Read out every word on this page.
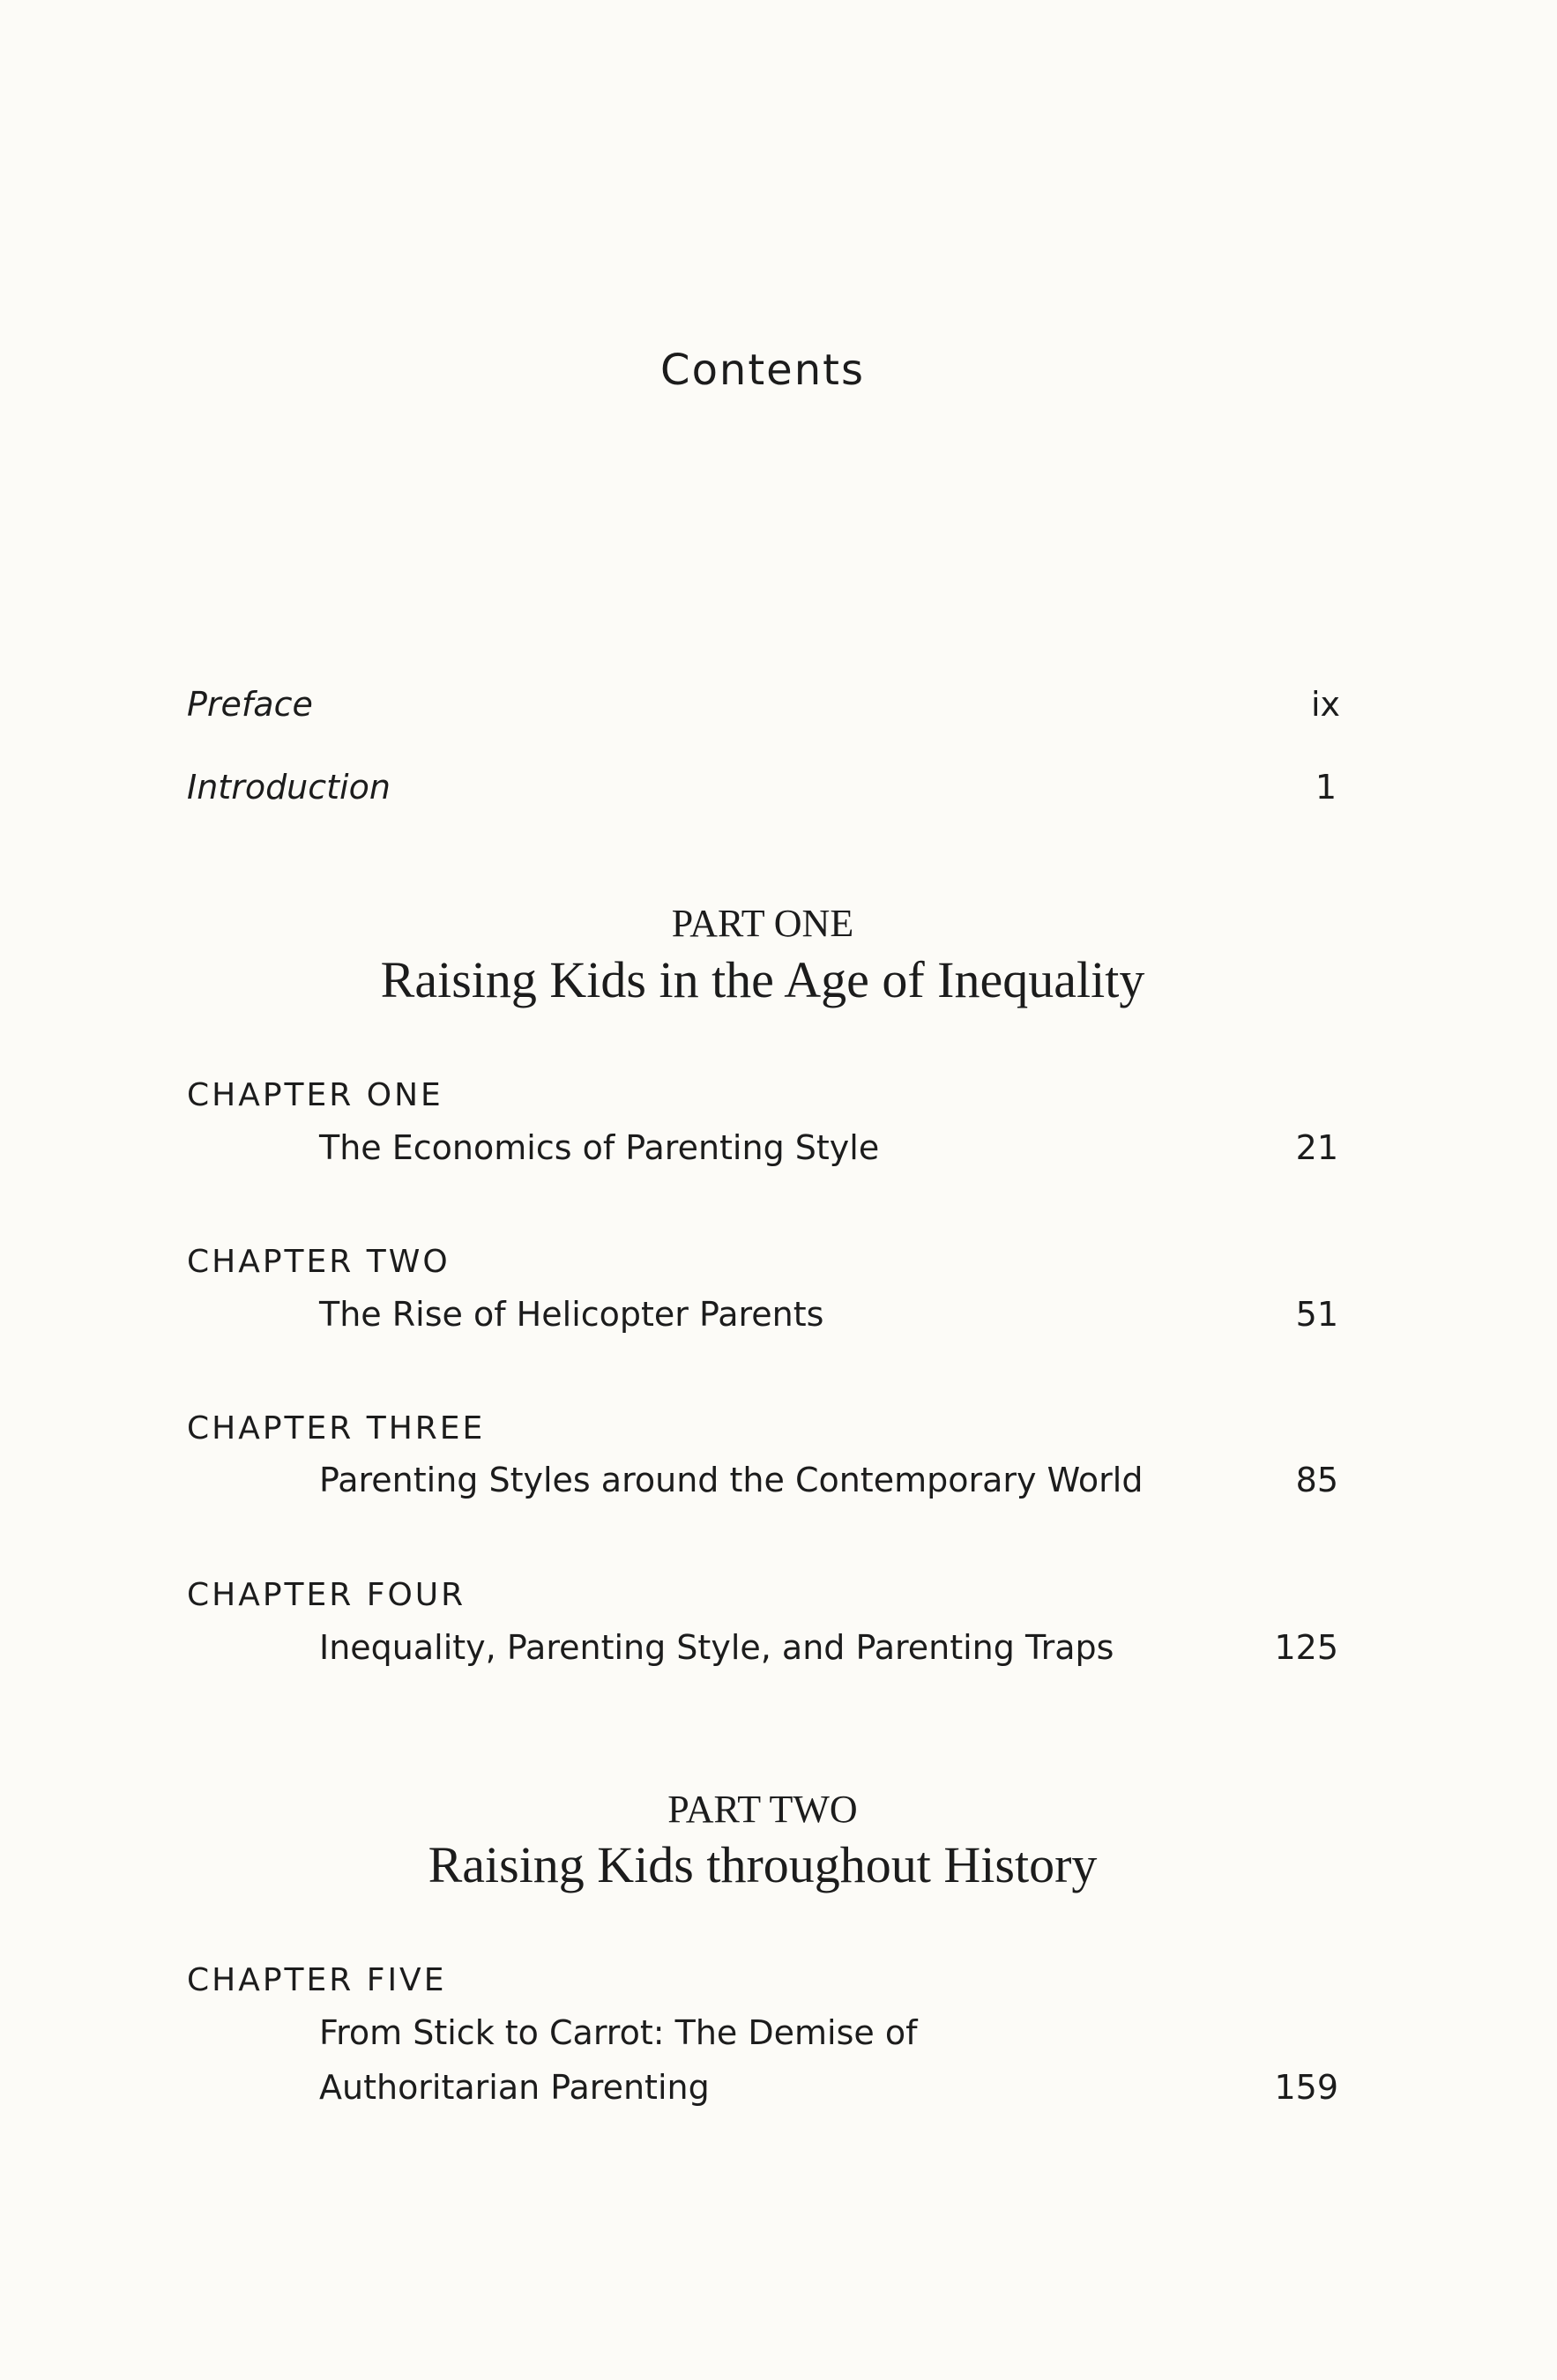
Contents
Preface	ix
Introduction	1
PART ONE
Raising Kids in the Age of Inequality
CHAPTER ONE
The Economics of Parenting Style	21
CHAPTER TWO
The Rise of Helicopter Parents	51
CHAPTER THREE
Parenting Styles around the Contemporary World	85
CHAPTER FOUR
Inequality, Parenting Style, and Parenting Traps	125
PART TWO
Raising Kids throughout History
CHAPTER FIVE
From Stick to Carrot: The Demise of
Authoritarian Parenting	159
